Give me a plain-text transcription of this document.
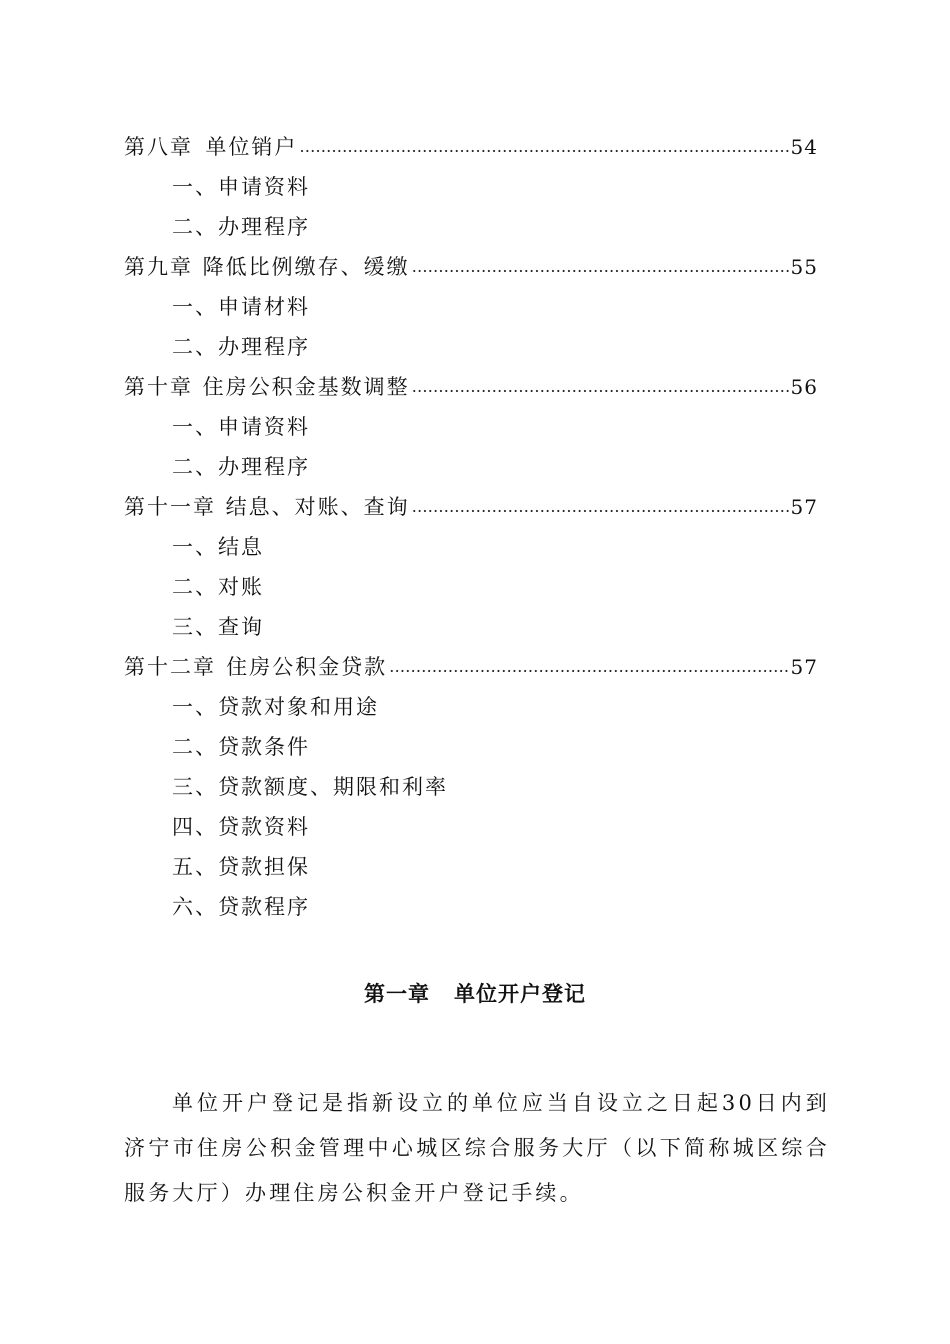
第八章 单位销户 …………………………………………………………………………………………………………………………………………………………………………	54
一、申请资料
二、办理程序
第九章 降低比例缴存、缓缴 …………………………………………………………………………………………………………………………………………………………………………	55
一、申请材料
二、办理程序
第十章 住房公积金基数调整 …………………………………………………………………………………………………………………………………………………………………………	56
一、申请资料
二、办理程序
第十一章 结息、对账、查询 …………………………………………………………………………………………………………………………………………………………………………	57
一、结息
二、对账
三、查询
第十二章 住房公积金贷款 …………………………………………………………………………………………………………………………………………………………………………	57
一、贷款对象和用途
二、贷款条件
三、贷款额度、期限和利率
四、贷款资料
五、贷款担保
六、贷款程序
第一章 单位开户登记

单位开户登记是指新设立的单位应当自设立之日起30日内到济宁市住房公积金管理中心城区综合服务大厅（以下简称城区综合服务大厅）办理住房公积金开户登记手续。
